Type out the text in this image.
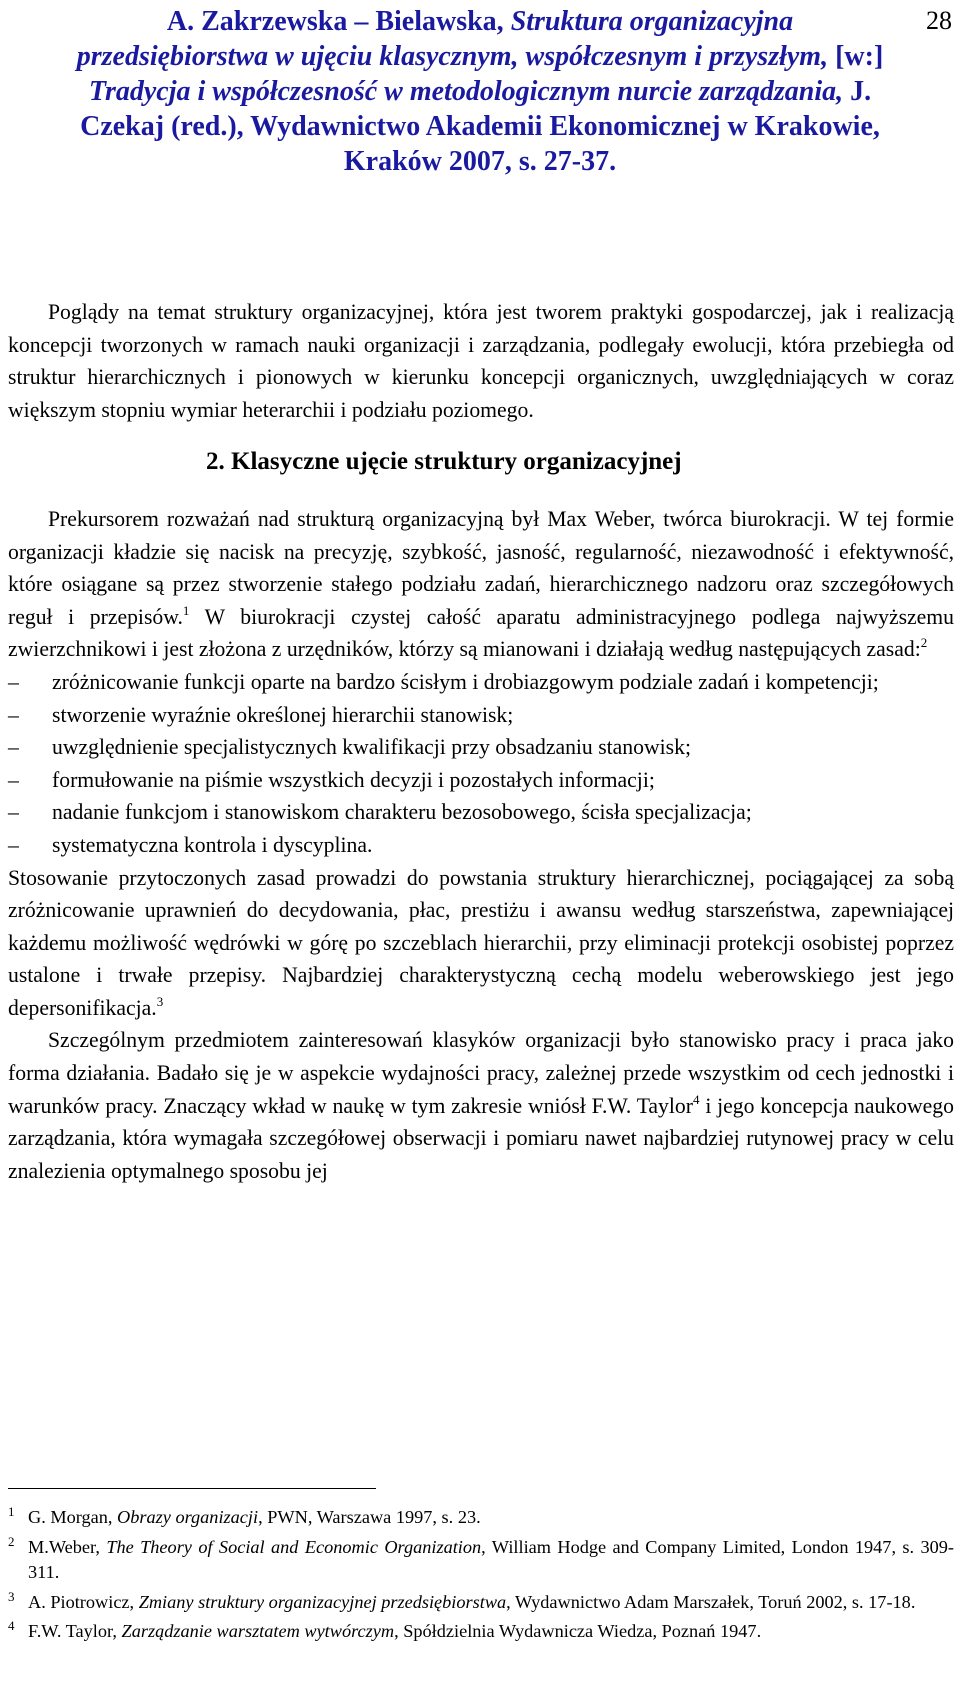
28
A. Zakrzewska – Bielawska, Struktura organizacyjna przedsiębiorstwa w ujęciu klasycznym, współczesnym i przyszłym, [w:] Tradycja i współczesność w metodologicznym nurcie zarządzania, J. Czekaj (red.), Wydawnictwo Akademii Ekonomicznej w Krakowie, Kraków 2007, s. 27-37.

Poglądy na temat struktury organizacyjnej, która jest tworem praktyki gospodarczej, jak i realizacją koncepcji tworzonych w ramach nauki organizacji i zarządzania, podlegały ewolucji, która przebiegła od struktur hierarchicznych i pionowych w kierunku koncepcji organicznych, uwzględniających w coraz większym stopniu wymiar heterarchii i podziału poziomego.

2. Klasyczne ujęcie struktury organizacyjnej

Prekursorem rozważań nad strukturą organizacyjną był Max Weber, twórca biurokracji. W tej formie organizacji kładzie się nacisk na precyzję, szybkość, jasność, regularność, niezawodność i efektywność, które osiągane są przez stworzenie stałego podziału zadań, hierarchicznego nadzoru oraz szczegółowych reguł i przepisów.$^1$ W biurokracji czystej całość aparatu administracyjnego podlega najwyższemu zwierzchnikowi i jest złożona z urzędników, którzy są mianowani i działają według następujących zasad:$^2$

– zróżnicowanie funkcji oparte na bardzo ścisłym i drobiazgowym podziale zadań i kompetencji;
– stworzenie wyraźnie określonej hierarchii stanowisk;
– uwzględnienie specjalistycznych kwalifikacji przy obsadzaniu stanowisk;
– formułowanie na piśmie wszystkich decyzji i pozostałych informacji;
– nadanie funkcjom i stanowiskom charakteru bezosobowego, ścisła specjalizacja;
– systematyczna kontrola i dyscyplina.

Stosowanie przytoczonych zasad prowadzi do powstania struktury hierarchicznej, pociągającej za sobą zróżnicowanie uprawnień do decydowania, płac, prestiżu i awansu według starszeństwa, zapewniającej każdemu możliwość wędrówki w górę po szczeblach hierarchii, przy eliminacji protekcji osobistej poprzez ustalone i trwałe przepisy. Najbardziej charakterystyczną cechą modelu weberowskiego jest jego depersonifikacja.$^3$

Szczególnym przedmiotem zainteresowań klasyków organizacji było stanowisko pracy i praca jako forma działania. Badało się je w aspekcie wydajności pracy, zależnej przede wszystkim od cech jednostki i warunków pracy. Znaczący wkład w naukę w tym zakresie wniósł F.W. Taylor$^4$ i jego koncepcja naukowego zarządzania, która wymagała szczegółowej obserwacji i pomiaru nawet najbardziej rutynowej pracy w celu znalezienia optymalnego sposobu jej

1 G. Morgan, Obrazy organizacji, PWN, Warszawa 1997, s. 23.

2 M.Weber, The Theory of Social and Economic Organization, William Hodge and Company Limited, London 1947, s. 309-311.

3 A. Piotrowicz, Zmiany struktury organizacyjnej przedsiębiorstwa, Wydawnictwo Adam Marszałek, Toruń 2002, s. 17-18.

4 F.W. Taylor, Zarządzanie warsztatem wytwórczym, Spółdzielnia Wydawnicza Wiedza, Poznań 1947.
